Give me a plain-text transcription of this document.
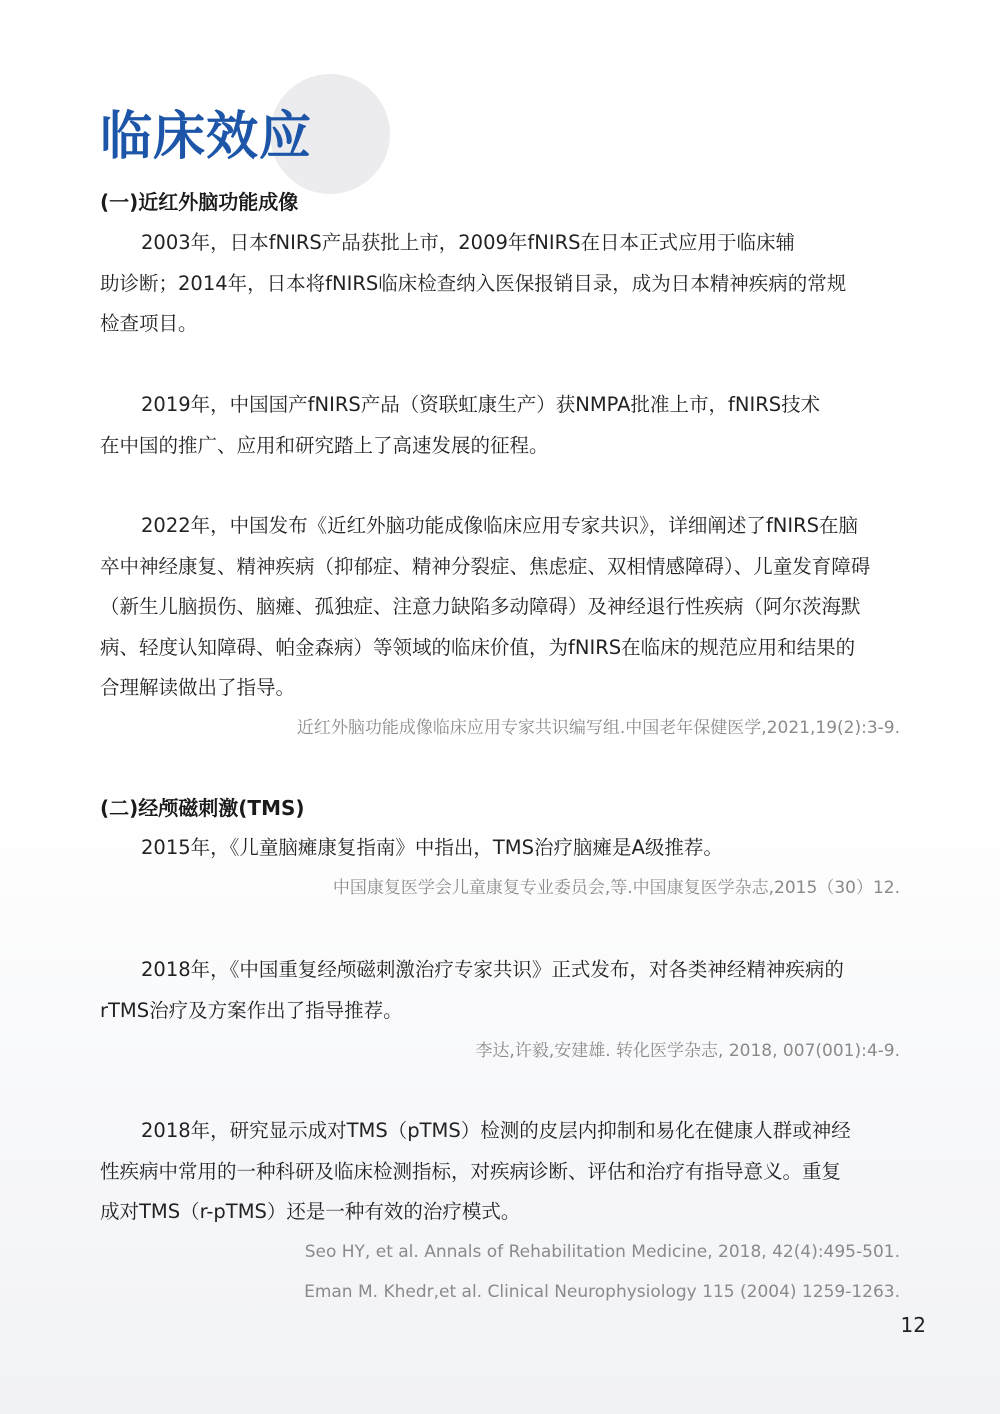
临床效应
(一)近红外脑功能成像
2003年，日本fNIRS产品获批上市，2009年fNIRS在日本正式应用于临床辅
助诊断；2014年，日本将fNIRS临床检查纳入医保报销目录，成为日本精神疾病的常规
检查项目。
2019年，中国国产fNIRS产品（资联虹康生产）获NMPA批准上市，fNIRS技术
在中国的推广、应用和研究踏上了高速发展的征程。
2022年，中国发布《近红外脑功能成像临床应用专家共识》，详细阐述了fNIRS在脑
卒中神经康复、精神疾病（抑郁症、精神分裂症、焦虑症、双相情感障碍）、儿童发育障碍
（新生儿脑损伤、脑瘫、孤独症、注意力缺陷多动障碍）及神经退行性疾病（阿尔茨海默
病、轻度认知障碍、帕金森病）等领域的临床价值，为fNIRS在临床的规范应用和结果的
合理解读做出了指导。
近红外脑功能成像临床应用专家共识编写组.中国老年保健医学,2021,19(2):3-9.
(二)经颅磁刺激(TMS)
2015年，《儿童脑瘫康复指南》中指出，TMS治疗脑瘫是A级推荐。
中国康复医学会儿童康复专业委员会,等.中国康复医学杂志,2015（30）12.
2018年，《中国重复经颅磁刺激治疗专家共识》正式发布，对各类神经精神疾病的
rTMS治疗及方案作出了指导推荐。
李达,许毅,安建雄. 转化医学杂志, 2018, 007(001):4-9.
2018年，研究显示成对TMS（pTMS）检测的皮层内抑制和易化在健康人群或神经
性疾病中常用的一种科研及临床检测指标，对疾病诊断、评估和治疗有指导意义。重复
成对TMS（r-pTMS）还是一种有效的治疗模式。
Seo HY, et al. Annals of Rehabilitation Medicine, 2018, 42(4):495-501.
Eman M. Khedr,et al. Clinical Neurophysiology 115 (2004) 1259-1263.
12
